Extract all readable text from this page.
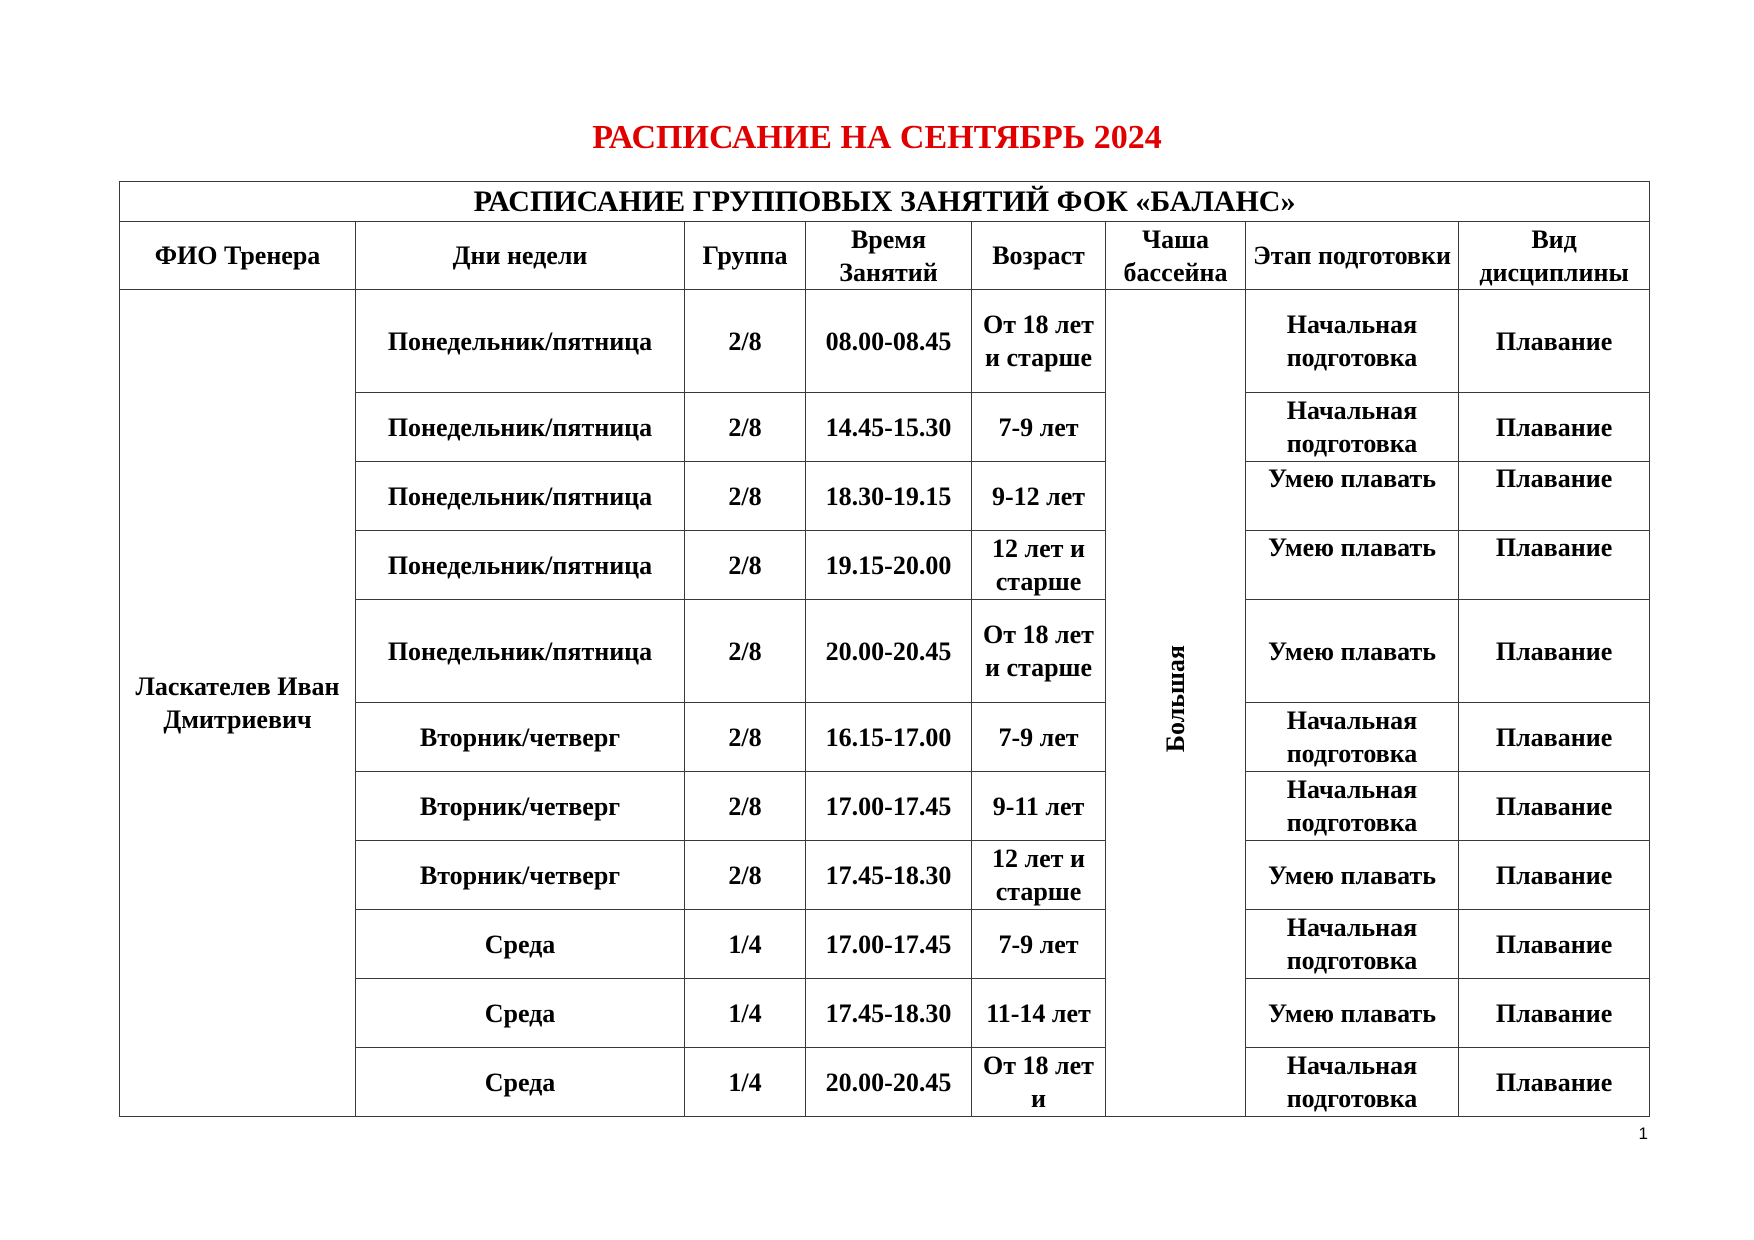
РАСПИСАНИЕ НА СЕНТЯБРЬ 2024
РАСПИСАНИЕ ГРУППОВЫХ ЗАНЯТИЙ ФОК «БАЛАНС»							
ФИО Тренера	Дни недели	Группа	Время Занятий	Возраст	Чаша бассейна	Этап подготовки	Вид дисциплины
Ласкателев Иван Дмитриевич	Понедельник/пятница	2/8	08.00-08.45	От 18 лет и старше	Большая	Начальная подготовка	Плавание
	Понедельник/пятница	2/8	14.45-15.30	7-9 лет		Начальная подготовка	Плавание
	Понедельник/пятница	2/8	18.30-19.15	9-12 лет		Умею плавать	Плавание
	Понедельник/пятница	2/8	19.15-20.00	12 лет и старше		Умею плавать	Плавание
	Понедельник/пятница	2/8	20.00-20.45	От 18 лет и старше		Умею плавать	Плавание
	Вторник/четверг	2/8	16.15-17.00	7-9 лет		Начальная подготовка	Плавание
	Вторник/четверг	2/8	17.00-17.45	9-11 лет		Начальная подготовка	Плавание
	Вторник/четверг	2/8	17.45-18.30	12 лет и старше		Умею плавать	Плавание
	Среда	1/4	17.00-17.45	7-9 лет		Начальная подготовка	Плавание
	Среда	1/4	17.45-18.30	11-14 лет		Умею плавать	Плавание
	Среда	1/4	20.00-20.45	От 18 лет и		Начальная подготовка	Плавание
1
